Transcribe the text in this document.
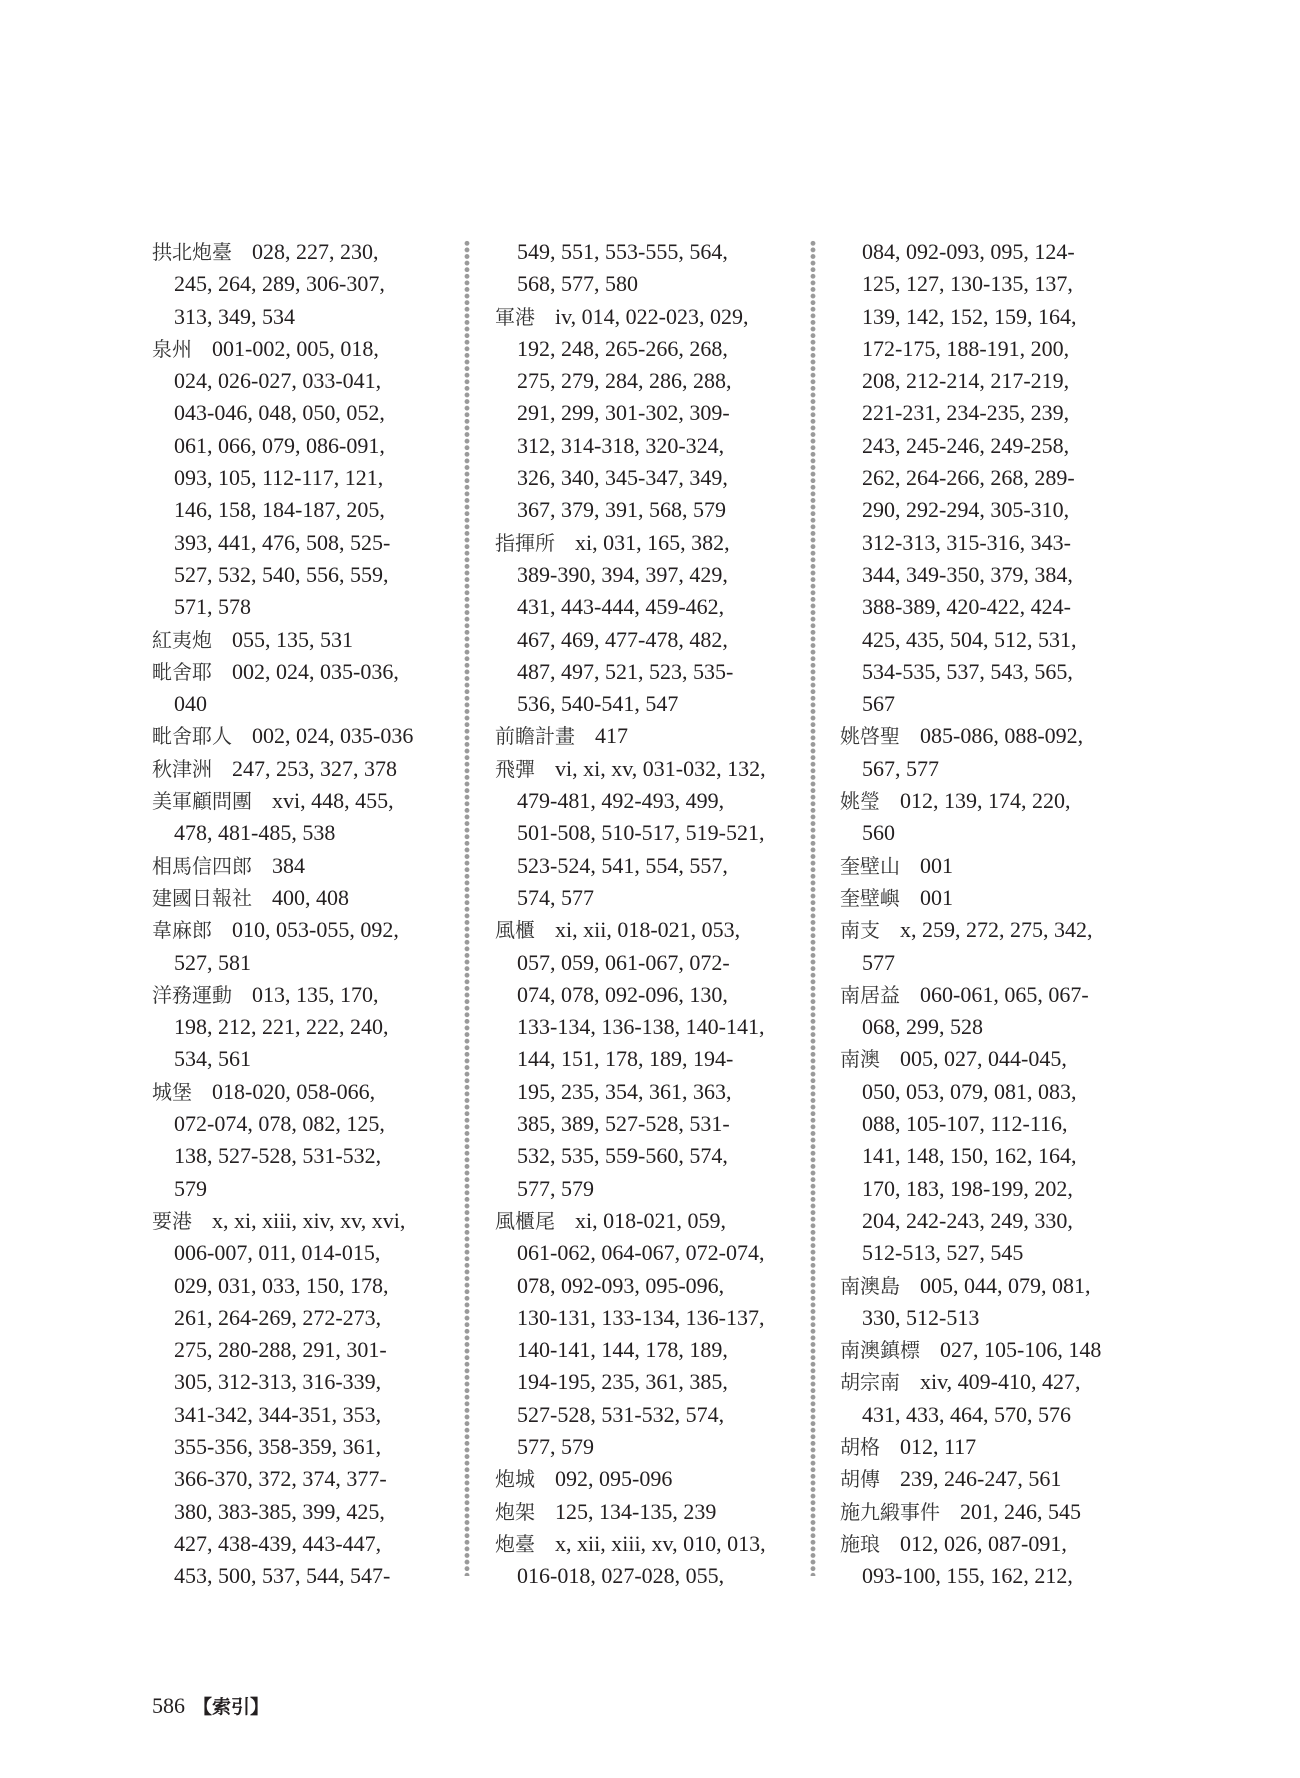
拱北炮臺 028, 227, 230,
245, 264, 289, 306-307,
313, 349, 534
泉州 001-002, 005, 018,
024, 026-027, 033-041,
043-046, 048, 050, 052,
061, 066, 079, 086-091,
093, 105, 112-117, 121,
146, 158, 184-187, 205,
393, 441, 476, 508, 525-
527, 532, 540, 556, 559,
571, 578
紅夷炮 055, 135, 531
毗舍耶 002, 024, 035-036,
040
毗舍耶人 002, 024, 035-036
秋津洲 247, 253, 327, 378
美軍顧問團 xvi, 448, 455,
478, 481-485, 538
相馬信四郎 384
建國日報社 400, 408
韋麻郎 010, 053-055, 092,
527, 581
洋務運動 013, 135, 170,
198, 212, 221, 222, 240,
534, 561
城堡 018-020, 058-066,
072-074, 078, 082, 125,
138, 527-528, 531-532,
579
要港 x, xi, xiii, xiv, xv, xvi,
006-007, 011, 014-015,
029, 031, 033, 150, 178,
261, 264-269, 272-273,
275, 280-288, 291, 301-
305, 312-313, 316-339,
341-342, 344-351, 353,
355-356, 358-359, 361,
366-370, 372, 374, 377-
380, 383-385, 399, 425,
427, 438-439, 443-447,
453, 500, 537, 544, 547-
549, 551, 553-555, 564,
568, 577, 580
軍港 iv, 014, 022-023, 029,
192, 248, 265-266, 268,
275, 279, 284, 286, 288,
291, 299, 301-302, 309-
312, 314-318, 320-324,
326, 340, 345-347, 349,
367, 379, 391, 568, 579
指揮所 xi, 031, 165, 382,
389-390, 394, 397, 429,
431, 443-444, 459-462,
467, 469, 477-478, 482,
487, 497, 521, 523, 535-
536, 540-541, 547
前瞻計畫 417
飛彈 vi, xi, xv, 031-032, 132,
479-481, 492-493, 499,
501-508, 510-517, 519-521,
523-524, 541, 554, 557,
574, 577
風櫃 xi, xii, 018-021, 053,
057, 059, 061-067, 072-
074, 078, 092-096, 130,
133-134, 136-138, 140-141,
144, 151, 178, 189, 194-
195, 235, 354, 361, 363,
385, 389, 527-528, 531-
532, 535, 559-560, 574,
577, 579
風櫃尾 xi, 018-021, 059,
061-062, 064-067, 072-074,
078, 092-093, 095-096,
130-131, 133-134, 136-137,
140-141, 144, 178, 189,
194-195, 235, 361, 385,
527-528, 531-532, 574,
577, 579
炮城 092, 095-096
炮架 125, 134-135, 239
炮臺 x, xii, xiii, xv, 010, 013,
016-018, 027-028, 055,
084, 092-093, 095, 124-
125, 127, 130-135, 137,
139, 142, 152, 159, 164,
172-175, 188-191, 200,
208, 212-214, 217-219,
221-231, 234-235, 239,
243, 245-246, 249-258,
262, 264-266, 268, 289-
290, 292-294, 305-310,
312-313, 315-316, 343-
344, 349-350, 379, 384,
388-389, 420-422, 424-
425, 435, 504, 512, 531,
534-535, 537, 543, 565,
567
姚啓聖 085-086, 088-092,
567, 577
姚瑩 012, 139, 174, 220,
560
奎壁山 001
奎壁嶼 001
南支 x, 259, 272, 275, 342,
577
南居益 060-061, 065, 067-
068, 299, 528
南澳 005, 027, 044-045,
050, 053, 079, 081, 083,
088, 105-107, 112-116,
141, 148, 150, 162, 164,
170, 183, 198-199, 202,
204, 242-243, 249, 330,
512-513, 527, 545
南澳島 005, 044, 079, 081,
330, 512-513
南澳鎮標 027, 105-106, 148
胡宗南 xiv, 409-410, 427,
431, 433, 464, 570, 576
胡格 012, 117
胡傳 239, 246-247, 561
施九緞事件 201, 246, 545
施琅 012, 026, 087-091,
093-100, 155, 162, 212,
586 【索引】
